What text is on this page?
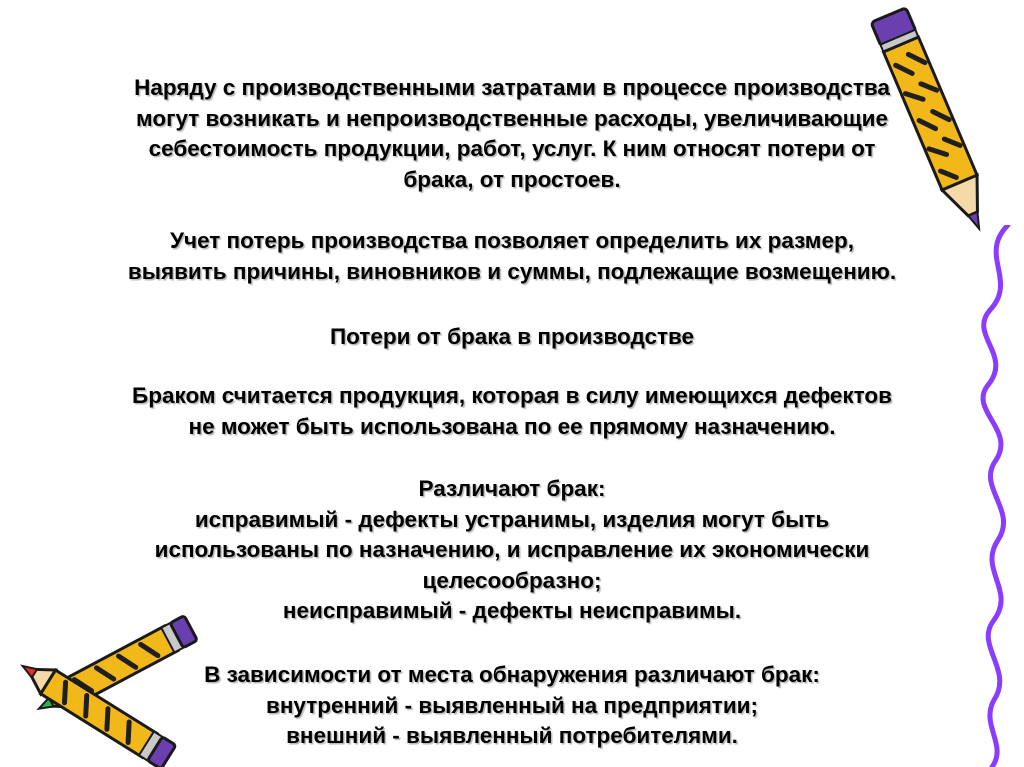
Наряду с производственными затратами в процессе производства
могут возникать и непроизводственные расходы, увеличивающие
себестоимость продукции, работ, услуг. К ним относят потери от
брака, от простоев.
Учет потерь производства позволяет определить их размер,
выявить причины, виновников и суммы, подлежащие возмещению.
Потери от брака в производстве
Браком считается продукция, которая в силу имеющихся дефектов
не может быть использована по ее прямому назначению.
Различают брак:
исправимый - дефекты устранимы, изделия могут быть
использованы по назначению, и исправление их экономически
целесообразно;
неисправимый - дефекты неисправимы.
В зависимости от места обнаружения различают брак:
внутренний - выявленный на предприятии;
внешний - выявленный потребителями.
